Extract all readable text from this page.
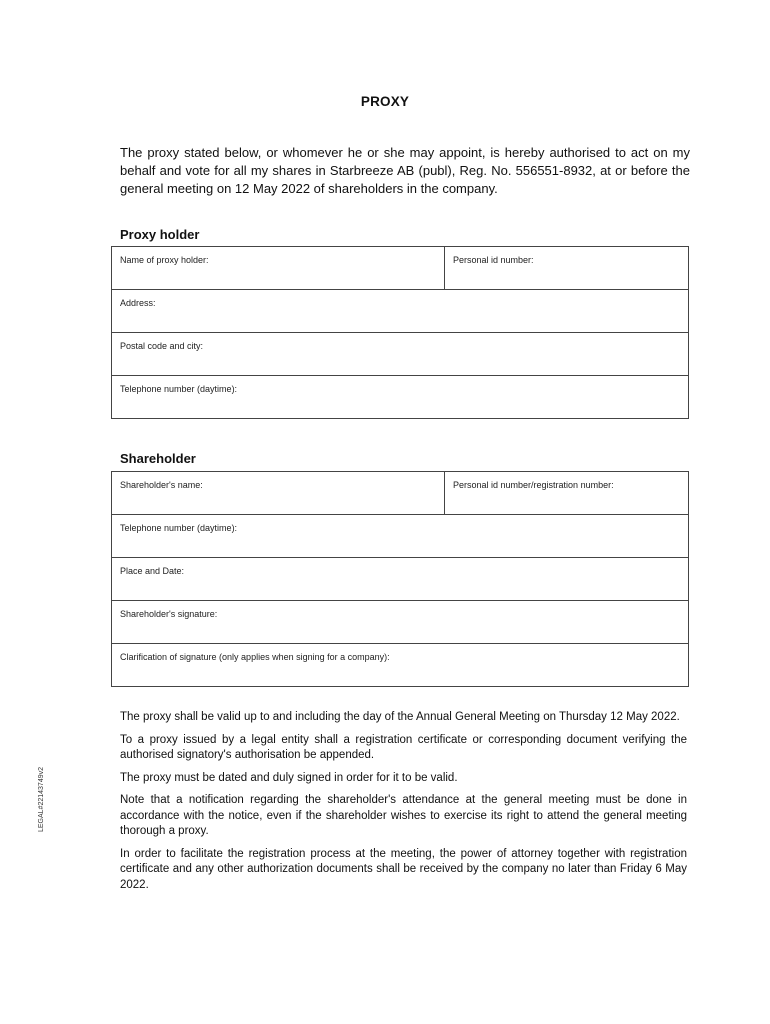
PROXY
The proxy stated below, or whomever he or she may appoint, is hereby authorised to act on my behalf and vote for all my shares in Starbreeze AB (publ), Reg. No. 556551-8932, at or before the general meeting on 12 May 2022 of shareholders in the company.
Proxy holder
Name of proxy holder:	Personal id number:
Address:
Postal code and city:
Telephone number (daytime):
Shareholder
Shareholder's name:	Personal id number/registration number:
Telephone number (daytime):
Place and Date:
Shareholder's signature:
Clarification of signature (only applies when signing for a company):

The proxy shall be valid up to and including the day of the Annual General Meeting on Thursday 12 May 2022.

To a proxy issued by a legal entity shall a registration certificate or corresponding document verifying the authorised signatory's authorisation be appended.

The proxy must be dated and duly signed in order for it to be valid.

Note that a notification regarding the shareholder's attendance at the general meeting must be done in accordance with the notice, even if the shareholder wishes to exercise its right to attend the general meeting thorough a proxy.

In order to facilitate the registration process at the meeting, the power of attorney together with registration certificate and any other authorization documents shall be received by the company no later than Friday 6 May 2022.

LEGAL#22143749v2
